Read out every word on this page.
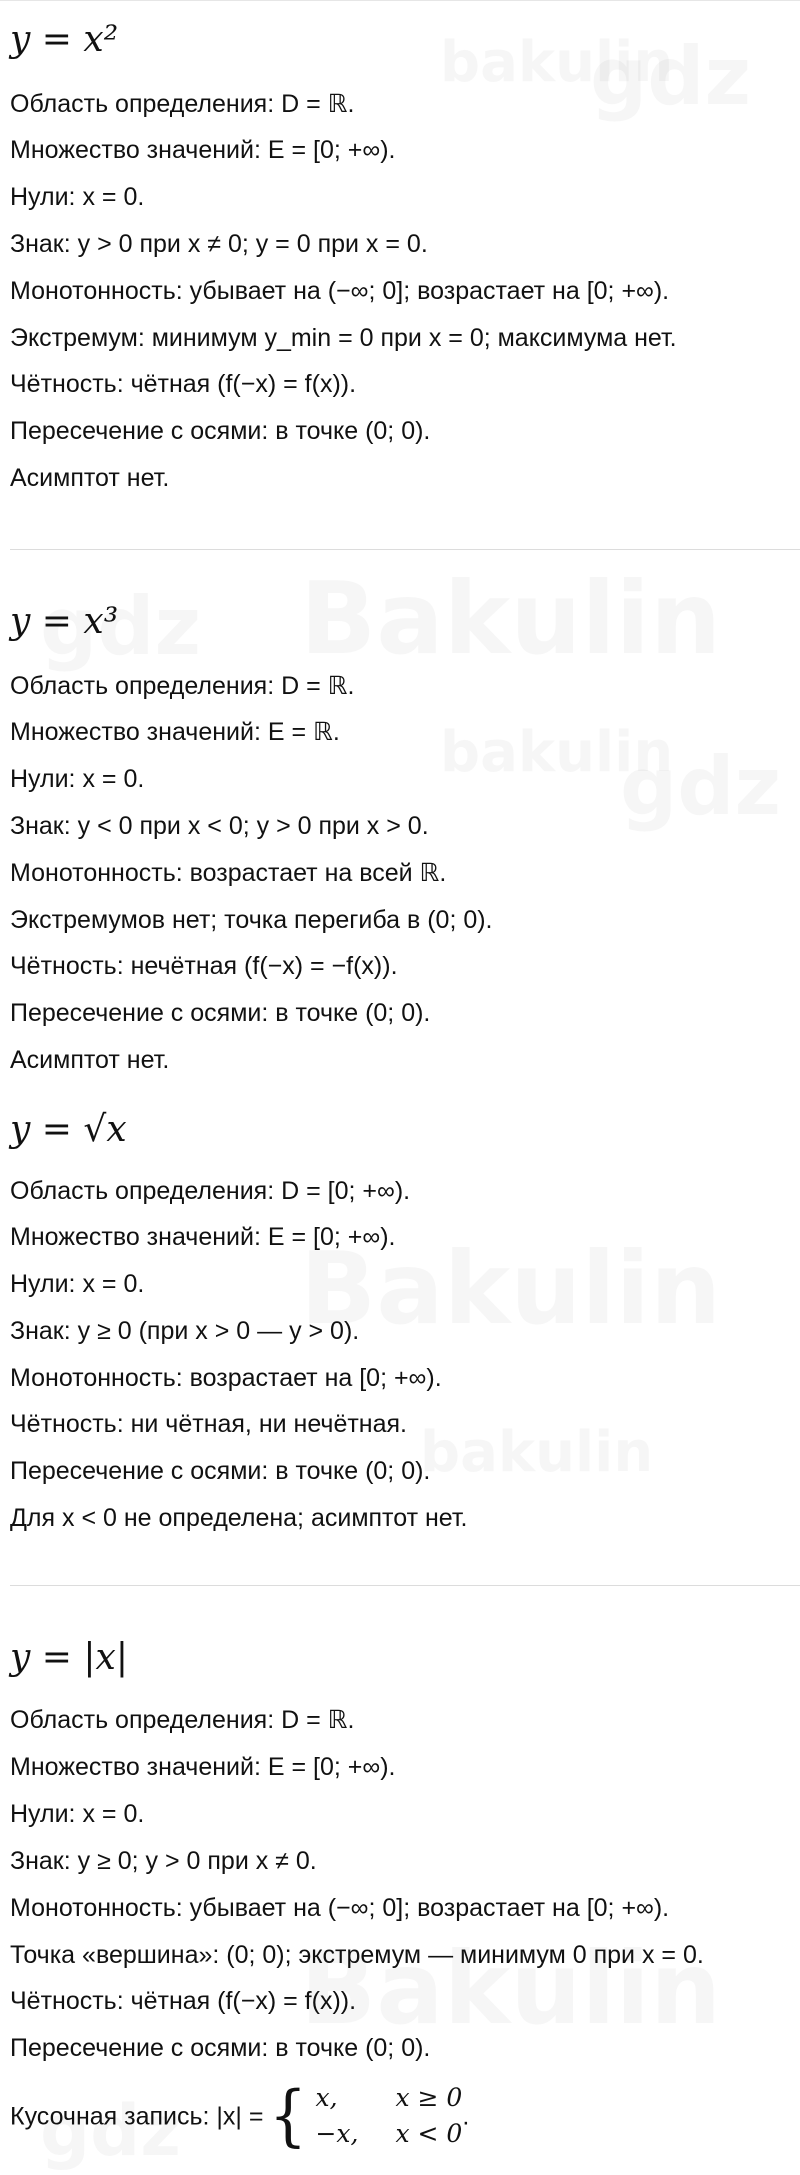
y = x²
Область определения: D = ℝ.
Множество значений: E = [0; +∞).
Нули: x = 0.
Знак: y > 0 при x ≠ 0; y = 0 при x = 0.
Монотонность: убывает на (−∞; 0]; возрастает на [0; +∞).
Экстремум: минимум y_min = 0 при x = 0; максимума нет.
Чётность: чётная (f(−x) = f(x)).
Пересечение с осями: в точке (0; 0).
Асимптот нет.
y = x³
Область определения: D = ℝ.
Множество значений: E = ℝ.
Нули: x = 0.
Знак: y < 0 при x < 0; y > 0 при x > 0.
Монотонность: возрастает на всей ℝ.
Экстремумов нет; точка перегиба в (0; 0).
Чётность: нечётная (f(−x) = −f(x)).
Пересечение с осями: в точке (0; 0).
Асимптот нет.
y = √x
Область определения: D = [0; +∞).
Множество значений: E = [0; +∞).
Нули: x = 0.
Знак: y ≥ 0 (при x > 0 — y > 0).
Монотонность: возрастает на [0; +∞).
Чётность: ни чётная, ни нечётная.
Пересечение с осями: в точке (0; 0).
Для x < 0 не определена; асимптот нет.
y = |x|
Область определения: D = ℝ.
Множество значений: E = [0; +∞).
Нули: x = 0.
Знак: y ≥ 0; y > 0 при x ≠ 0.
Монотонность: убывает на (−∞; 0]; возрастает на [0; +∞).
Точка «вершина»: (0; 0); экстремум — минимум 0 при x = 0.
Чётность: чётная (f(−x) = f(x)).
Пересечение с осями: в точке (0; 0).
Кусочная запись: |x| ={ x, x ≥ 0
−x, x < 0
.
